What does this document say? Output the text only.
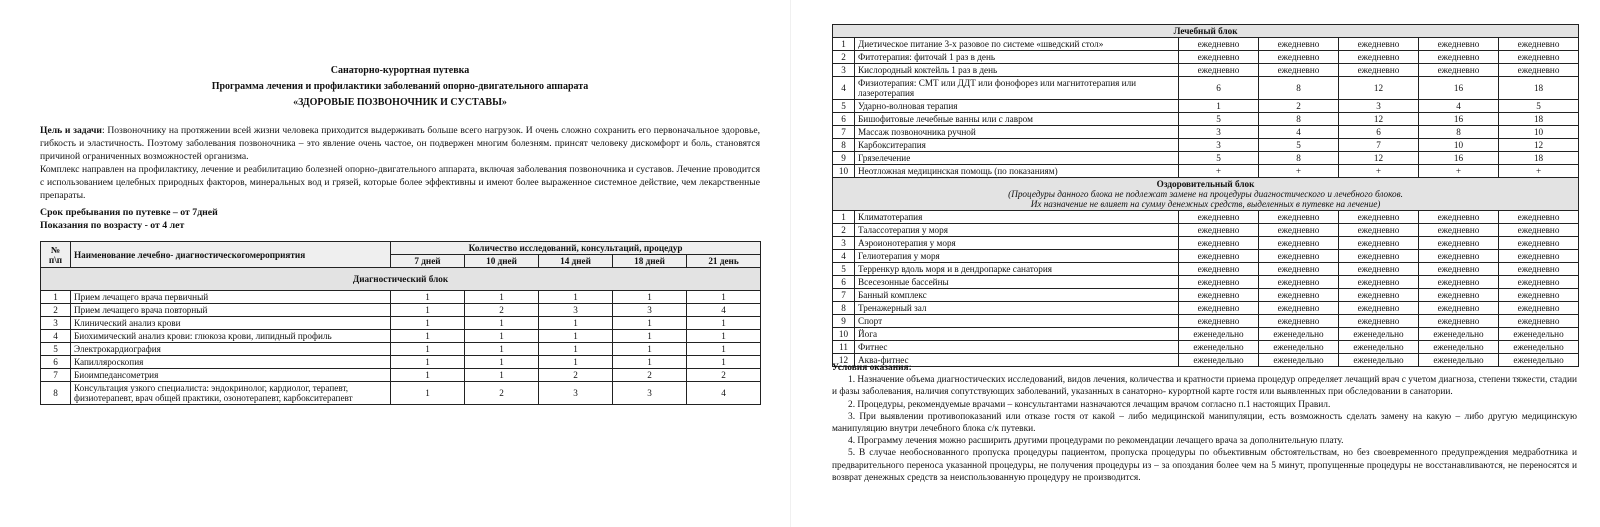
Санаторно-курортная путевка
Программа лечения и профилактики заболеваний опорно-двигательного аппарата
«ЗДОРОВЫЕ ПОЗВОНОЧНИК И СУСТАВЫ»

Цель и задачи: Позвоночнику на протяжении всей жизни человека приходится выдерживать больше всего нагрузок. И очень сложно сохранить его первоначальное здоровье, гибкость и эластичность. Поэтому заболевания позвоночника – это явление очень частое, он подвержен многим болезням. принсят человеку дискомфорт и боль, становятся причиной ограниченных возможностей организма.

Комплекс направлен на профилактику, лечение и реабилитацию болезней опорно-двигательного аппарата, включая заболевания позвоночника и суставов. Лечение проводится с использованием целебных природных факторов, минеральных вод и грязей, которые более эффективны и имеют более выраженное системное действие, чем лекарственные препараты.

Срок пребывания по путевке – от 7дней
Показания по возрасту - от 4 лет
№ п\п	Наименование лечебно- диагностическогомероприятия	Количество исследований, консультаций, процедур				
		7 дней	10 дней	14 дней	18 дней	21 день
Диагностический блок						
1	Прием лечащего врача первичный	1	1	1	1	1
2	Прием лечащего врача повторный	1	2	3	3	4
3	Клинический анализ крови	1	1	1	1	1
4	Биохимический анализ крови: глюкоза крови, липидный профиль	1	1	1	1	1
5	Электрокардиография	1	1	1	1	1
6	Капилляроскопия	1	1	1	1	1
7	Биоимпедансометрия	1	1	2	2	2
8	Консультация узкого специалиста: эндокринолог, кардиолог, терапевт, физиотерапевт, врач общей практики, озонотерапевт, карбокситерапевт	1	2	3	3	4
Лечебный блок						
1	Диетическое питание 3-х разовое по системе «шведский стол»	ежедневно	ежедневно	ежедневно	ежедневно	ежедневно
2	Фитотерапия: фиточай 1 раз в день	ежедневно	ежедневно	ежедневно	ежедневно	ежедневно
3	Кислородный коктейль 1 раз в день	ежедневно	ежедневно	ежедневно	ежедневно	ежедневно
4	Физиотерапия: СМТ или ДДТ или фонофорез или магнитотерапия или лазеротерапия	6	8	12	16	18
5	Ударно-волновая терапия	1	2	3	4	5
6	Бишофитовые лечебные ванны или с лавром	5	8	12	16	18
7	Массаж позвоночника ручной	3	4	6	8	10
8	Карбокситерапия	3	5	7	10	12
9	Грязелечение	5	8	12	16	18
10	Неотложная медицинская помощь (по показаниям)	+	+	+	+	+

Оздоровительный блок
(Процедуры данного блока не подлежат замене на процедуры диагностического и лечебного блоков.
Их назначение не влияет на сумму денежных средств, выделенных в путевке на лечение)						

1	Климатотерапия	ежедневно	ежедневно	ежедневно	ежедневно	ежедневно
2	Талассотерапия у моря	ежедневно	ежедневно	ежедневно	ежедневно	ежедневно
3	Аэроионотерапия у моря	ежедневно	ежедневно	ежедневно	ежедневно	ежедневно
4	Гелиотерапия у моря	ежедневно	ежедневно	ежедневно	ежедневно	ежедневно
5	Терренкур вдоль моря и в дендропарке санатория	ежедневно	ежедневно	ежедневно	ежедневно	ежедневно
6	Всесезонные бассейны	ежедневно	ежедневно	ежедневно	ежедневно	ежедневно
7	Банный комплекс	ежедневно	ежедневно	ежедневно	ежедневно	ежедневно
8	Тренажерный зал	ежедневно	ежедневно	ежедневно	ежедневно	ежедневно
9	Спорт	ежедневно	ежедневно	ежедневно	ежедневно	ежедневно
10	Йога	еженедельно	еженедельно	еженедельно	еженедельно	еженедельно
11	Фитнес	еженедельно	еженедельно	еженедельно	еженедельно	еженедельно
12	Аква-фитнес	еженедельно	еженедельно	еженедельно	еженедельно	еженедельно
Условия оказания:
1. Назначение объема диагностических исследований, видов лечения, количества и кратности приема процедур определяет лечащий врач с учетом диагноза, степени тяжести, стадии и фазы заболевания, наличия сопутствующих заболеваний, указанных в санаторно- курортной карте гостя или выявленных при обследовании в санатории.
2. Процедуры, рекомендуемые врачами – консультантами назначаются лечащим врачом согласно п.1 настоящих Правил.
3. При выявлении противопоказаний или отказе гостя от какой – либо медицинской манипуляции, есть возможность сделать замену на какую – либо другую медицинскую манипуляцию внутри лечебного блока с/к путевки.
4. Программу лечения можно расширить другими процедурами по рекомендации лечащего врача за дополнительную плату.
5. В случае необоснованного пропуска процедуры пациентом, пропуска процедуры по объективным обстоятельствам, но без своевременного предупреждения медработника и предварительного переноса указанной процедуры, не получения процедуры из – за опоздания более чем на 5 минут, пропущенные процедуры не восстанавливаются, не переносятся и возврат денежных средств за неиспользованную процедуру не производится.
